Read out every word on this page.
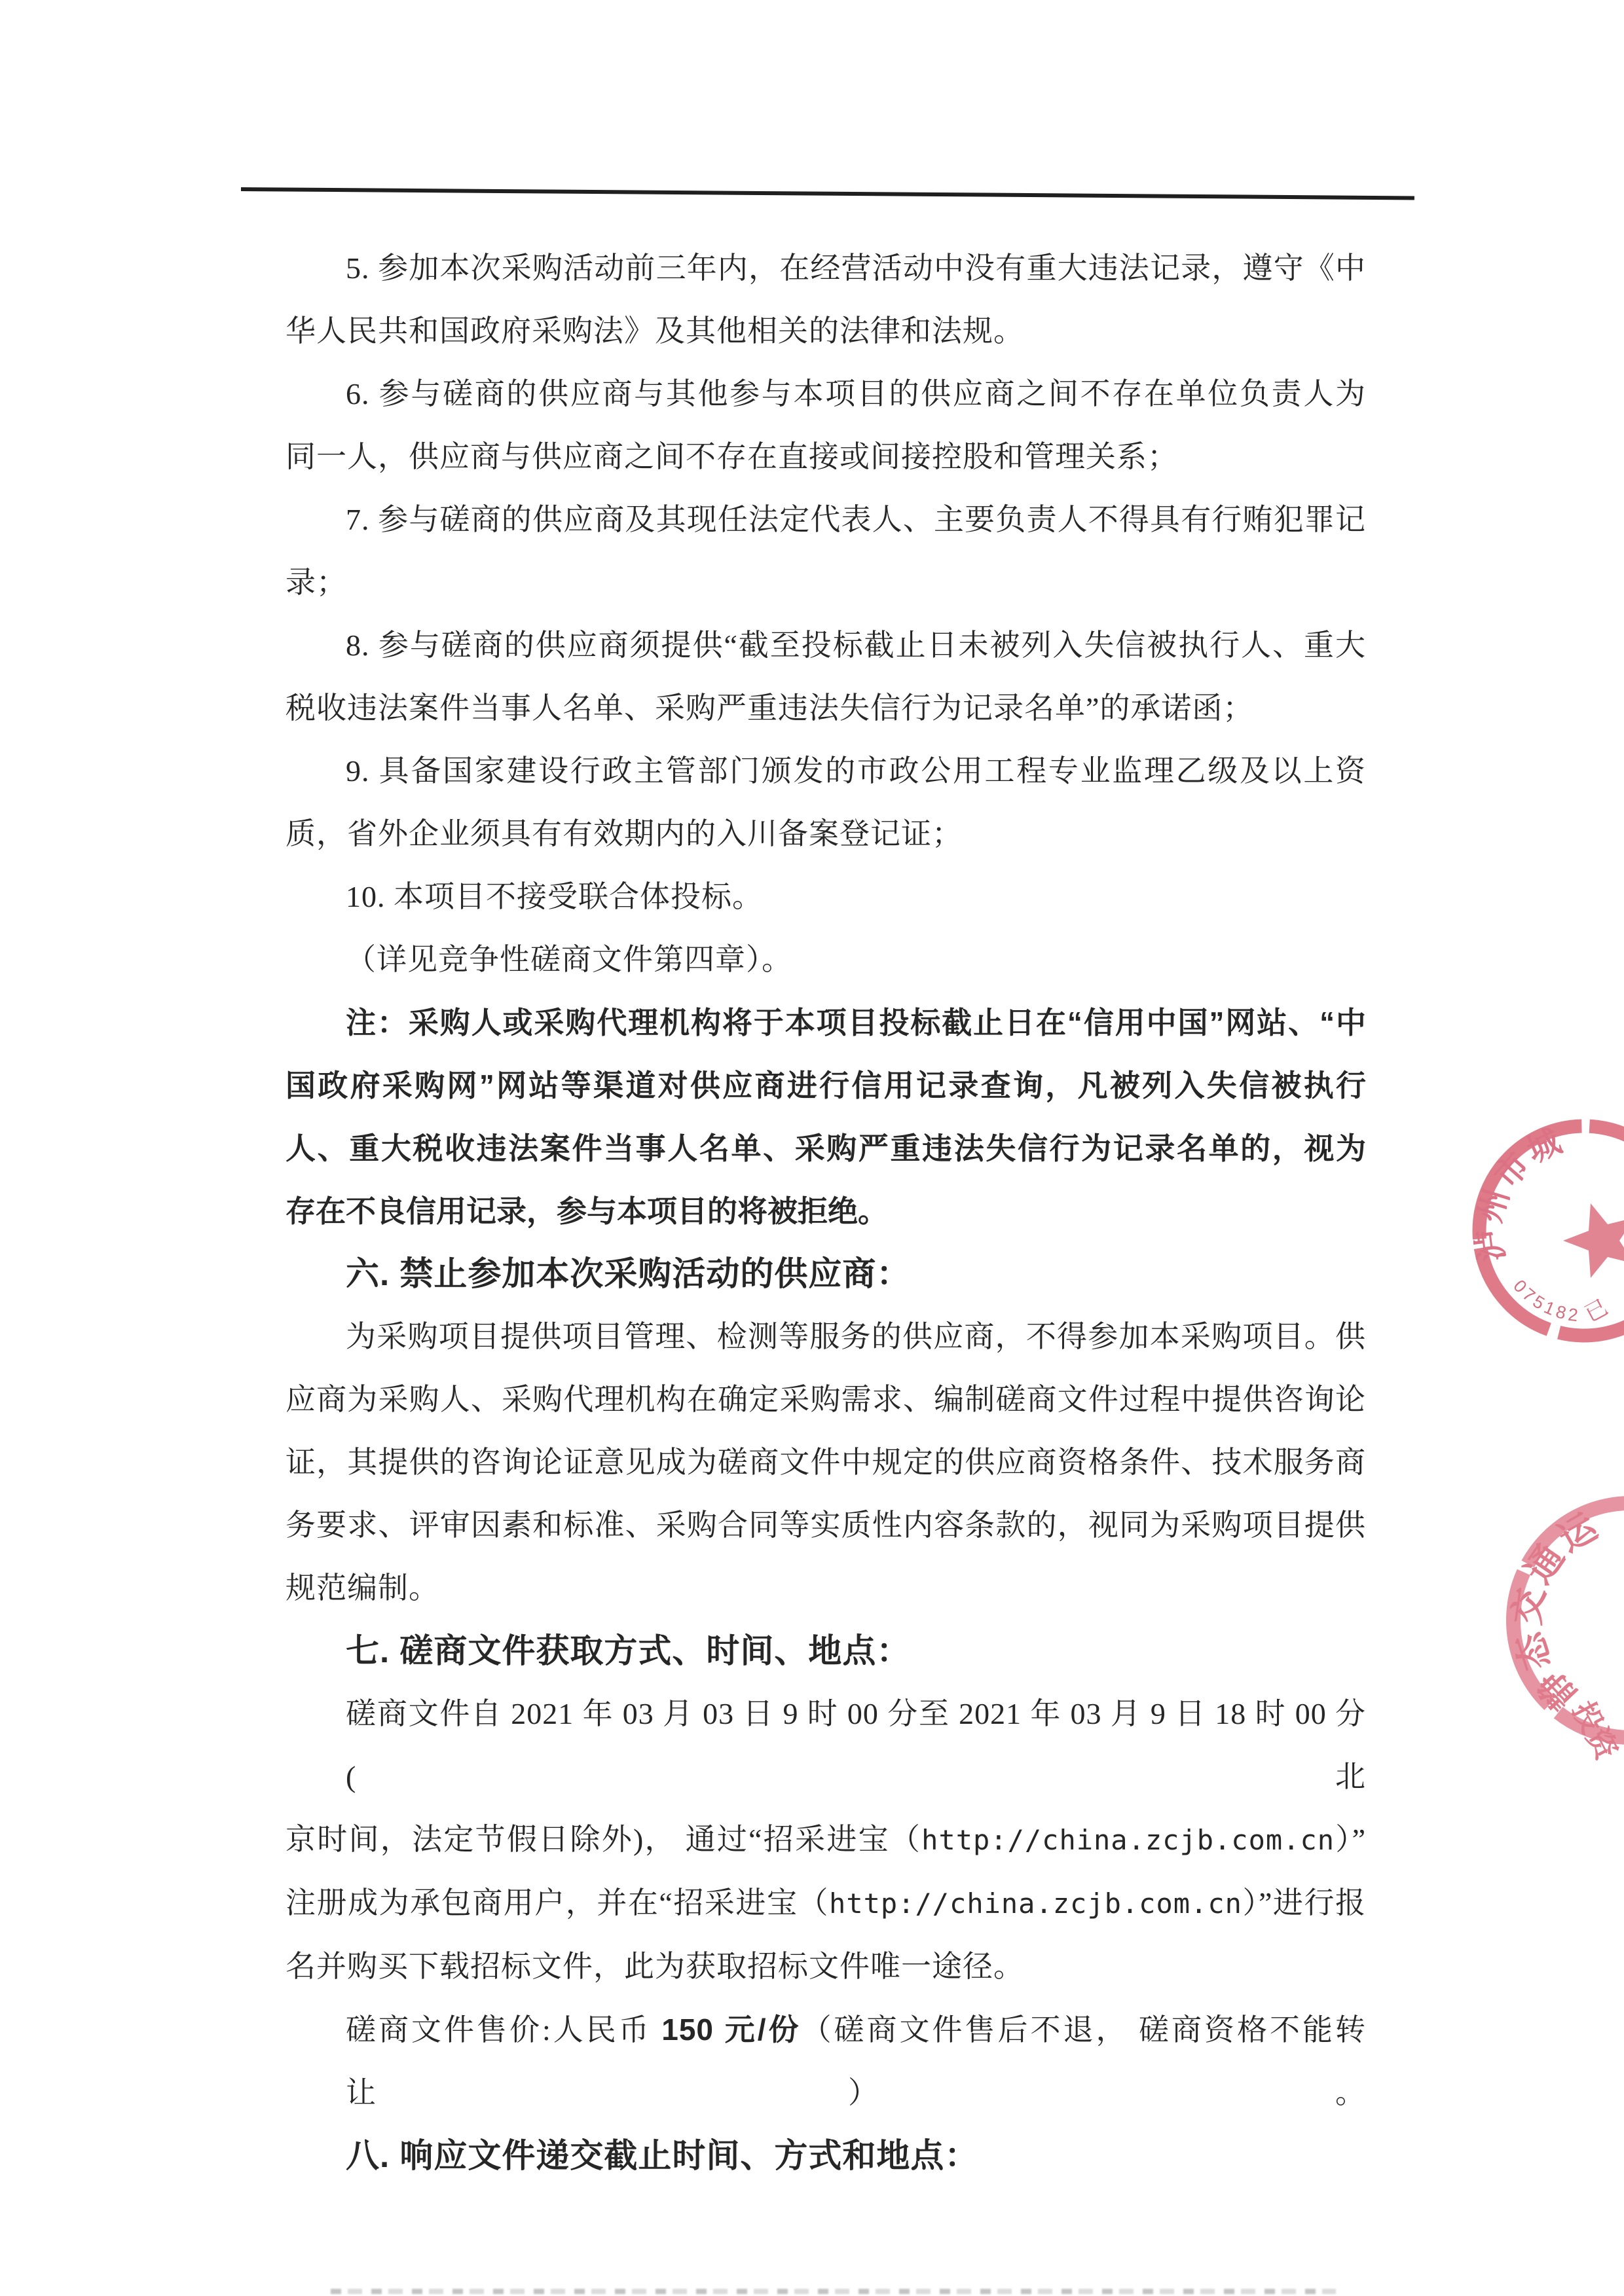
5. 参加本次采购活动前三年内，在经营活动中没有重大违法记录，遵守《中
华人民共和国政府采购法》及其他相关的法律和法规。
6. 参与磋商的供应商与其他参与本项目的供应商之间不存在单位负责人为
同一人，供应商与供应商之间不存在直接或间接控股和管理关系；
7. 参与磋商的供应商及其现任法定代表人、主要负责人不得具有行贿犯罪记
录；
8. 参与磋商的供应商须提供“截至投标截止日未被列入失信被执行人、重大
税收违法案件当事人名单、采购严重违法失信行为记录名单”的承诺函；
9. 具备国家建设行政主管部门颁发的市政公用工程专业监理乙级及以上资
质，省外企业须具有有效期内的入川备案登记证；
10. 本项目不接受联合体投标。
（详见竞争性磋商文件第四章）。
注：采购人或采购代理机构将于本项目投标截止日在“信用中国”网站、“中
国政府采购网”网站等渠道对供应商进行信用记录查询，凡被列入失信被执行
人、重大税收违法案件当事人名单、采购严重违法失信行为记录名单的，视为
存在不良信用记录，参与本项目的将被拒绝。
六. 禁止参加本次采购活动的供应商：
为采购项目提供项目管理、检测等服务的供应商，不得参加本采购项目。供
应商为采购人、采购代理机构在确定采购需求、编制磋商文件过程中提供咨询论
证，其提供的咨询论证意见成为磋商文件中规定的供应商资格条件、技术服务商
务要求、评审因素和标准、采购合同等实质性内容条款的，视同为采购项目提供
规范编制。
七. 磋商文件获取方式、时间、地点：
磋商文件自 2021 年 03 月 03 日 9 时 00 分至 2021 年 03 月 9 日 18 时 00 分(北
京时间，法定节假日除外)， 通过“招采进宝（http://china.zcjb.com.cn）”
注册成为承包商用户，并在“招采进宝（http://china.zcjb.com.cn）”进行报
名并购买下载招标文件，此为获取招标文件唯一途径。
磋商文件售价:人民币 150 元/份（磋商文件售后不退， 磋商资格不能转让）。
八. 响应文件递交截止时间、方式和地点：
泸州市城
075182
已
静态交通运
投资
